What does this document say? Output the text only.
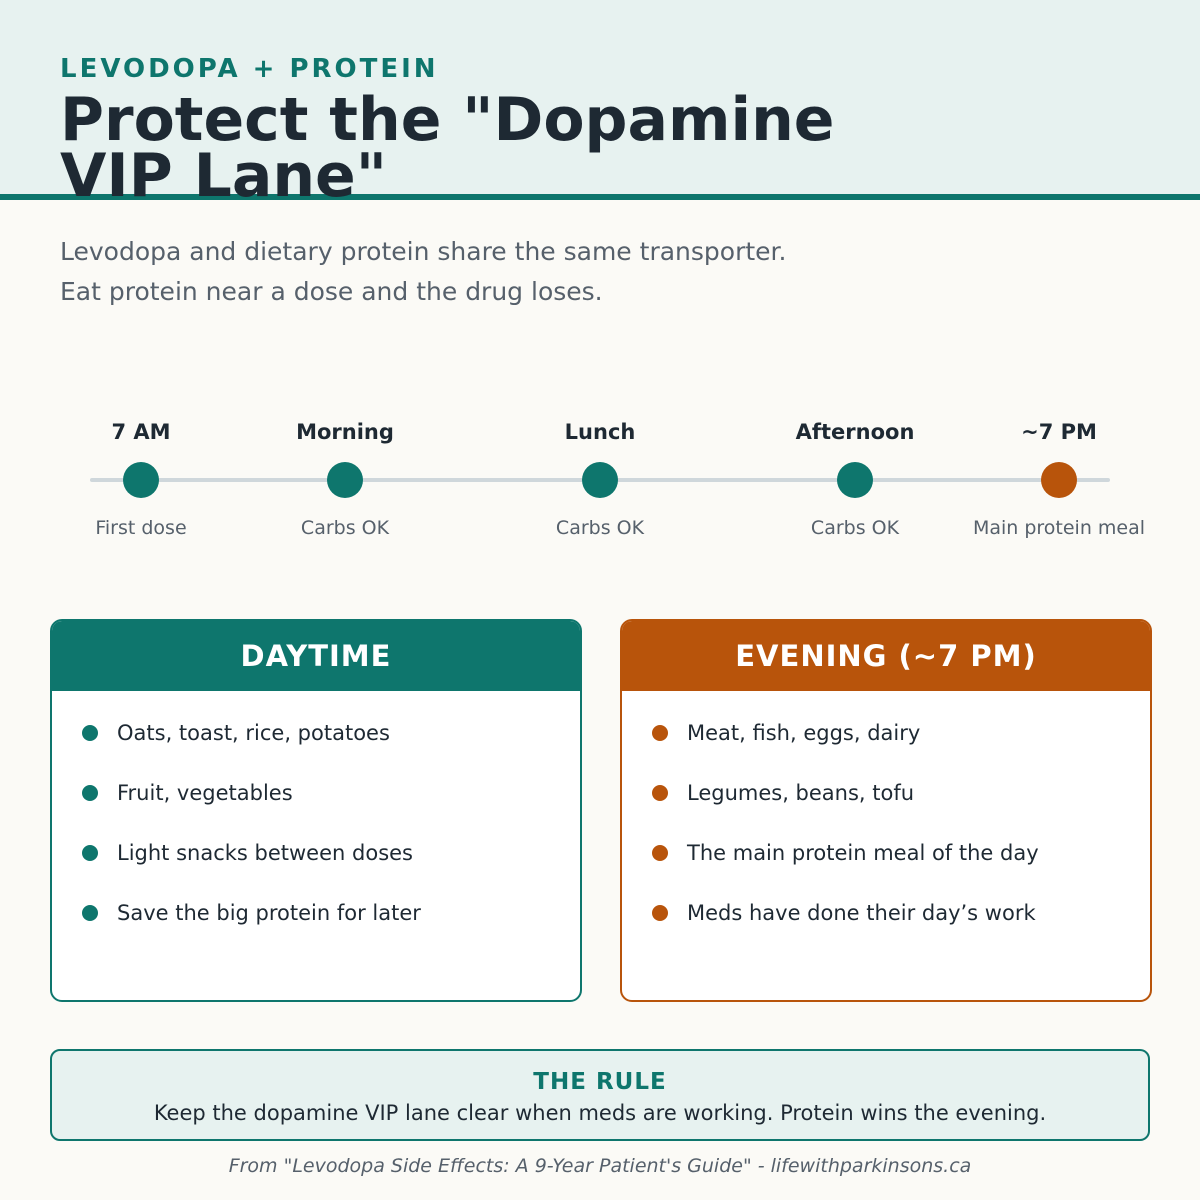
LEVODOPA + PROTEIN
Protect the "Dopamine VIP Lane"
Levodopa and dietary protein share the same transporter.
Eat protein near a dose and the drug loses.
7 AM
First dose
Morning
Carbs OK
Lunch
Carbs OK
Afternoon
Carbs OK
~7 PM
Main protein meal
DAYTIME
Oats, toast, rice, potatoes
Fruit, vegetables
Light snacks between doses
Save the big protein for later
EVENING (~7 PM)
Meat, fish, eggs, dairy
Legumes, beans, tofu
The main protein meal of the day
Meds have done their day’s work
THE RULE
Keep the dopamine VIP lane clear when meds are working. Protein wins the evening.
From "Levodopa Side Effects: A 9-Year Patient's Guide" - lifewithparkinsons.ca
